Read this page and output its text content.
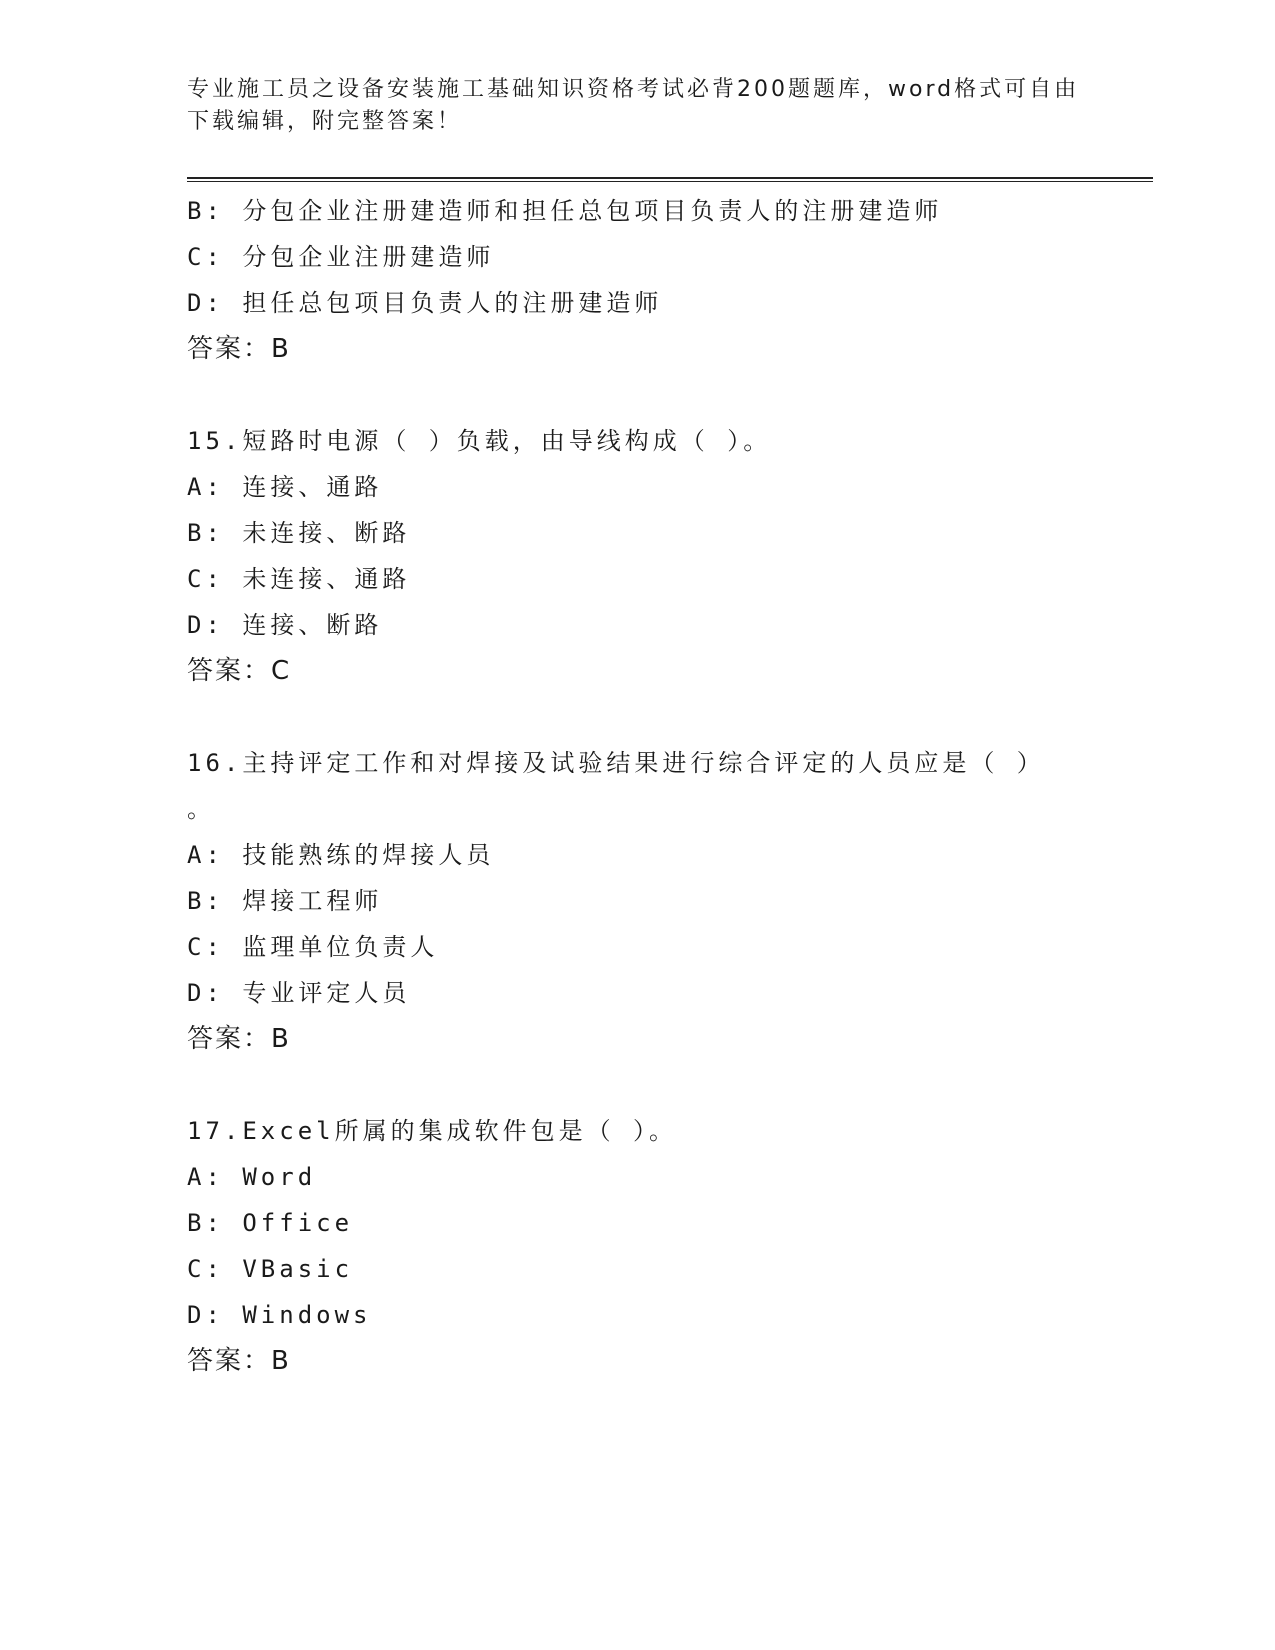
专业施工员之设备安装施工基础知识资格考试必背200题题库，word格式可自由
下载编辑，附完整答案！
B: 分包企业注册建造师和担任总包项目负责人的注册建造师
C: 分包企业注册建造师
D: 担任总包项目负责人的注册建造师
答案：B
15.短路时电源（ ）负载，由导线构成（ ）。
A: 连接、通路
B: 未连接、断路
C: 未连接、通路
D: 连接、断路
答案：C
16.主持评定工作和对焊接及试验结果进行综合评定的人员应是（ ）
。
A: 技能熟练的焊接人员
B: 焊接工程师
C: 监理单位负责人
D: 专业评定人员
答案：B
17.Excel所属的集成软件包是（ ）。
A: Word
B: Office
C: VBasic
D: Windows
答案：B
